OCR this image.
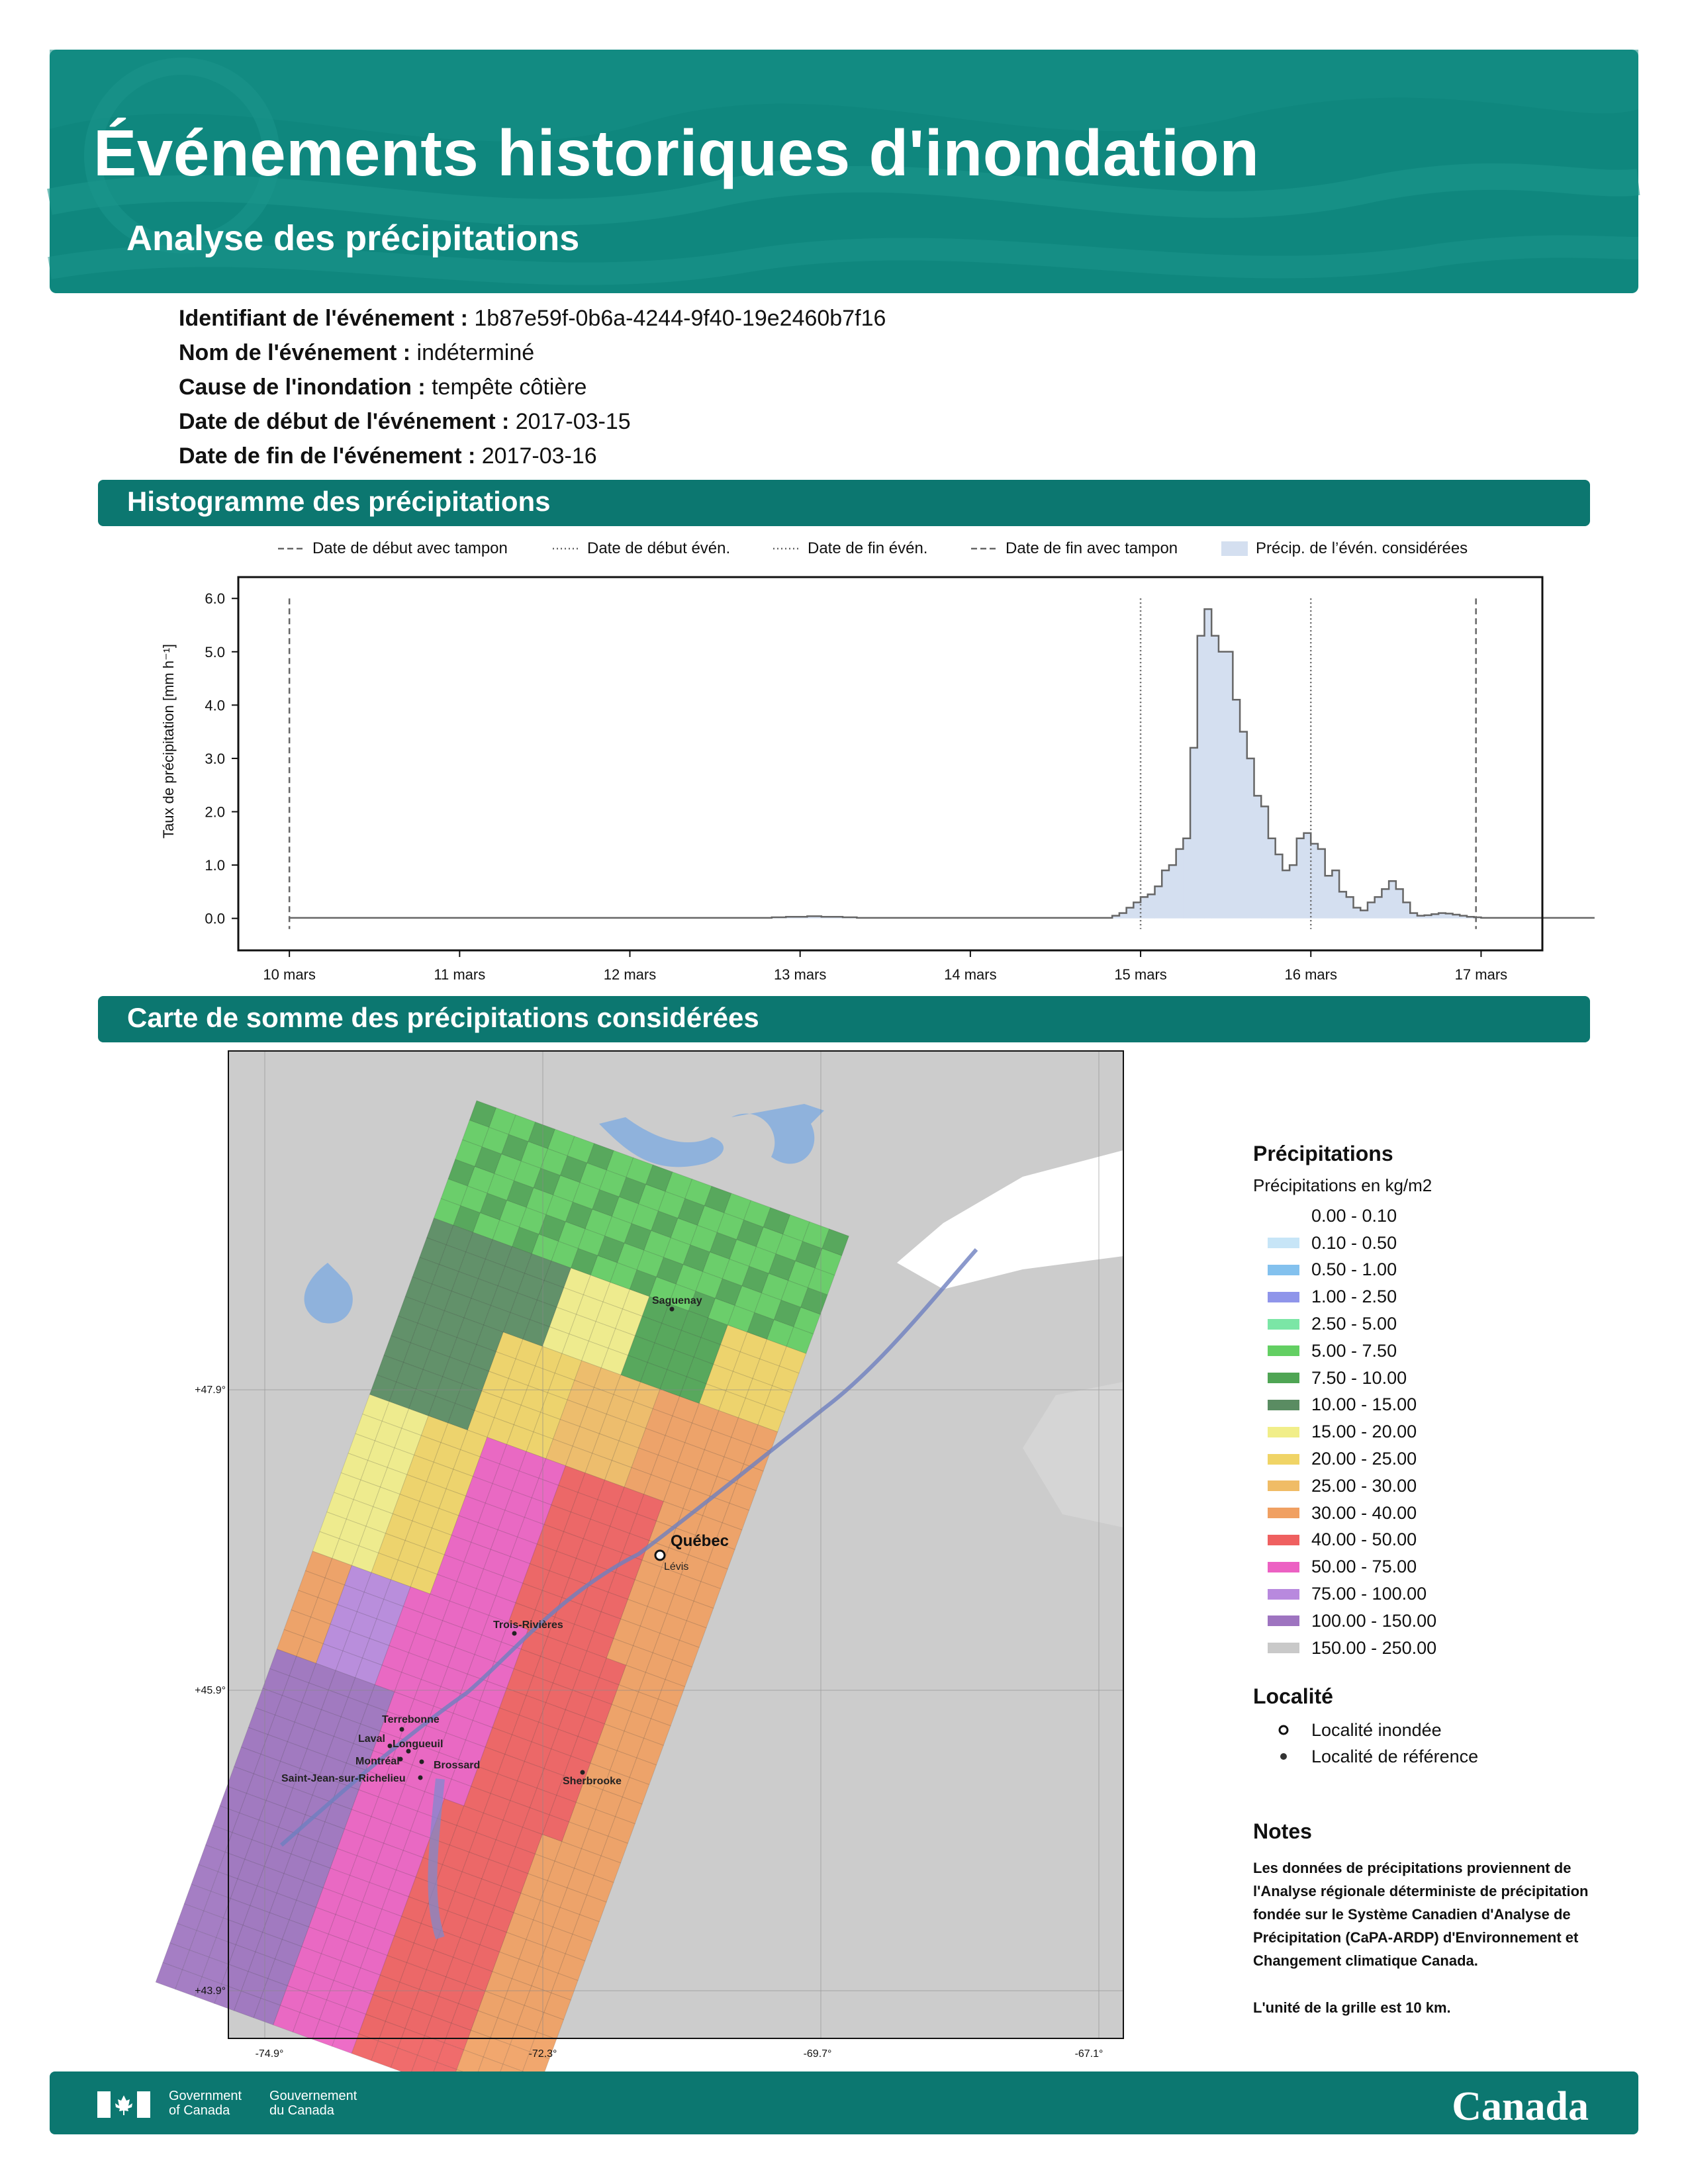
Événements historiques d'inondation
Analyse des précipitations
Identifiant de l'événement : 1b87e59f-0b6a-4244-9f40-19e2460b7f16
Nom de l'événement : indéterminé
Cause de l'inondation : tempête côtière
Date de début de l'événement : 2017-03-15
Date de fin de l'événement : 2017-03-16
Histogramme des précipitations
Date de début avec tampon	Date de début évén.	Date de fin évén.	Date de fin avec tampon	Précip. de l’évén. considérées
Taux de précipitation [mm h⁻¹]
0.0
1.0
2.0
3.0
4.0
5.0
6.0
10 mars	11 mars	12 mars	13 mars	14 mars	15 mars	16 mars	17 mars
Carte de somme des précipitations considérées
+47.9°
+45.9°
+43.9°
-74.9°	-72.3°	-69.7°	-67.1°
Saguenay
Québec
Lévis
Trois-Rivières
Terrebonne
Laval Longueuil
Montréal	Brossard
Saint-Jean-sur-Richelieu	Sherbrooke
Précipitations
Précipitations en kg/m2
0.00 - 0.10
0.10 - 0.50
0.50 - 1.00
1.00 - 2.50
2.50 - 5.00
5.00 - 7.50
7.50 - 10.00
10.00 - 15.00
15.00 - 20.00
20.00 - 25.00
25.00 - 30.00
30.00 - 40.00
40.00 - 50.00
50.00 - 75.00
75.00 - 100.00
100.00 - 150.00
150.00 - 250.00
Localité
Localité inondée
Localité de référence
Notes

Les données de précipitations proviennent de l'Analyse régionale déterministe de précipitation fondée sur le Système Canadien d'Analyse de Précipitation (CaPA-ARDP) d'Environnement et Changement climatique Canada.

L'unité de la grille est 10 km.

Government
of Canada
Gouvernement
du Canada	Canada
